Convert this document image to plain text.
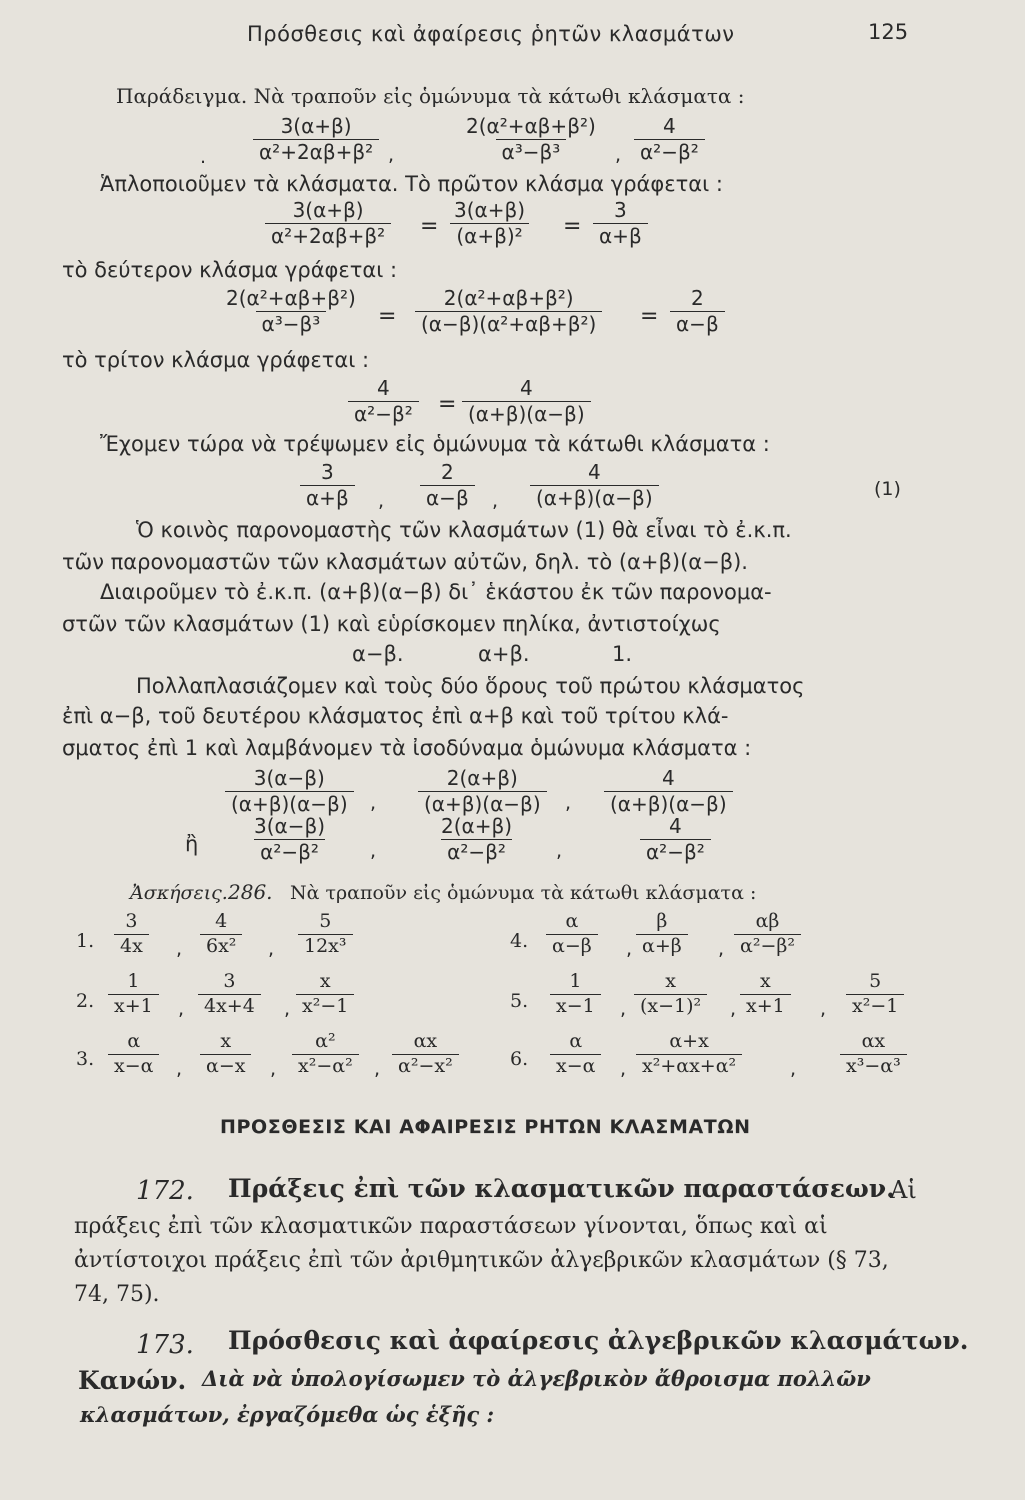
Πρόσθεσις καὶ ἀφαίρεσις ῥητῶν κλασμάτων	125
Παράδειγμα. Νὰ τραποῦν εἰς ὁμώνυμα τὰ κάτωθι κλάσματα :
. $\frac{3(\alpha+\beta)}{\text{α²+2αβ+β²}}$ ,	$\frac{\text{2(α²+αβ+β²)}}{\text{α³−β³}}$ , $\frac{4}{\text{α²−β²}}$
Ἁπλοποιοῦμεν τὰ κλάσματα. Τὸ πρῶτον κλάσμα γράφεται :
$\frac{3(\alpha+\beta)}{\text{α²+2αβ+β²}} = \frac{3(\alpha+\beta)}{\text{(α+β)²}} = \frac{3}{\alpha+\beta}$
τὸ δεύτερον κλάσμα γράφεται :
$\frac{\text{2(α²+αβ+β²)}}{\text{α³−β³}} = \frac{\text{2(α²+αβ+β²)}}{\text{(α−β)(α²+αβ+β²)}} = \frac{2}{\alpha-\beta}$
τὸ τρίτον κλάσμα γράφεται :
$\frac{4}{\text{α²−β²}} = \frac{4}{(\alpha+\beta)(\alpha-\beta)}$
Ἔχομεν τώρα νὰ τρέψωμεν εἰς ὁμώνυμα τὰ κάτωθι κλάσματα :
$\frac{3}{\alpha+\beta}$ , $\frac{2}{\alpha-\beta}$ , $\frac{4}{(\alpha+\beta)(\alpha-\beta)}$	(1)
Ὁ κοινὸς παρονομαστὴς τῶν κλασμάτων (1) θὰ εἶναι τὸ ἐ.κ.π.
τῶν παρονομαστῶν τῶν κλασμάτων αὐτῶν, δηλ. τὸ (α+β)(α−β).
Διαιροῦμεν τὸ ἐ.κ.π. (α+β)(α−β) δι᾿ ἑκάστου ἐκ τῶν παρονομα-
στῶν τῶν κλασμάτων (1) καὶ εὑρίσκομεν πηλίκα, ἀντιστοίχως
α−β.	α+β.	1.
Πολλαπλασιάζομεν καὶ τοὺς δύο ὅρους τοῦ πρώτου κλάσματος
ἐπὶ α−β, τοῦ δευτέρου κλάσματος ἐπὶ α+β καὶ τοῦ τρίτου κλά-
σματος ἐπὶ 1 καὶ λαμβάνομεν τὰ ἰσοδύναμα ὁμώνυμα κλάσματα :
$\frac{3(\alpha-\beta)}{(\alpha+\beta)(\alpha-\beta)}$ , $\frac{2(\alpha+\beta)}{(\alpha+\beta)(\alpha-\beta)}$ , $\frac{4}{(\alpha+\beta)(\alpha-\beta)}$
ἢ $\frac{3(\alpha-\beta)}{\text{α²−β²}}$ ,	$\frac{2(\alpha+\beta)}{\text{α²−β²}}$ ,	$\frac{4}{\text{α²−β²}}$
Ἀσκήσεις. 286. Νὰ τραποῦν εἰς ὁμώνυμα τὰ κάτωθι κλάσματα :
1. $\frac{3}{4x}$ , $\frac{4}{\text{6x²}}$ , $\frac{5}{\text{12x³}}$
2. $\frac{1}{x+1}$ , $\frac{3}{4x+4}$ , $\frac{x}{\text{x²−1}}$
3. $\frac{\alpha}{x-\alpha}$ , $\frac{x}{\alpha-x}$ , $\frac{\text{α²}}{\text{x²−α²}}$ , $\frac{\alpha x}{\text{α²−x²}}$
4. $\frac{\alpha}{\alpha-\beta}$ , $\frac{\beta}{\alpha+\beta}$ , $\frac{\alpha\beta}{\text{α²−β²}}$
5. $\frac{1}{x-1}$ , $\frac{x}{\text{(x−1)²}}$ , $\frac{x}{x+1}$ , $\frac{5}{\text{x²−1}}$
6. $\frac{\alpha}{x-\alpha}$ , $\frac{\alpha+x}{\text{x²+αx+α²}}$	, $\frac{\alpha x}{\text{x³−α³}}$
ΠΡΟΣΘΕΣΙΣ ΚΑΙ ΑΦΑΙΡΕΣΙΣ ΡΗΤΩΝ ΚΛΑΣΜΑΤΩΝ
172. Πράξεις ἐπὶ τῶν κλασματικῶν παραστάσεων.
Αἱ
πράξεις ἐπὶ τῶν κλασματικῶν παραστάσεων γίνονται, ὅπως καὶ αἱ
ἀντίστοιχοι πράξεις ἐπὶ τῶν ἀριθμητικῶν ἀλγεβρικῶν κλασμάτων (§ 73,
74, 75).
173. Πρόσθεσις καὶ ἀφαίρεσις ἀλγεβρικῶν κλασμάτων.
Κανών. Διὰ νὰ ὑπολογίσωμεν τὸ ἀλγεβρικὸν ἄθροισμα πολλῶν
κλασμάτων, ἐργαζόμεθα ὡς ἑξῆς :
